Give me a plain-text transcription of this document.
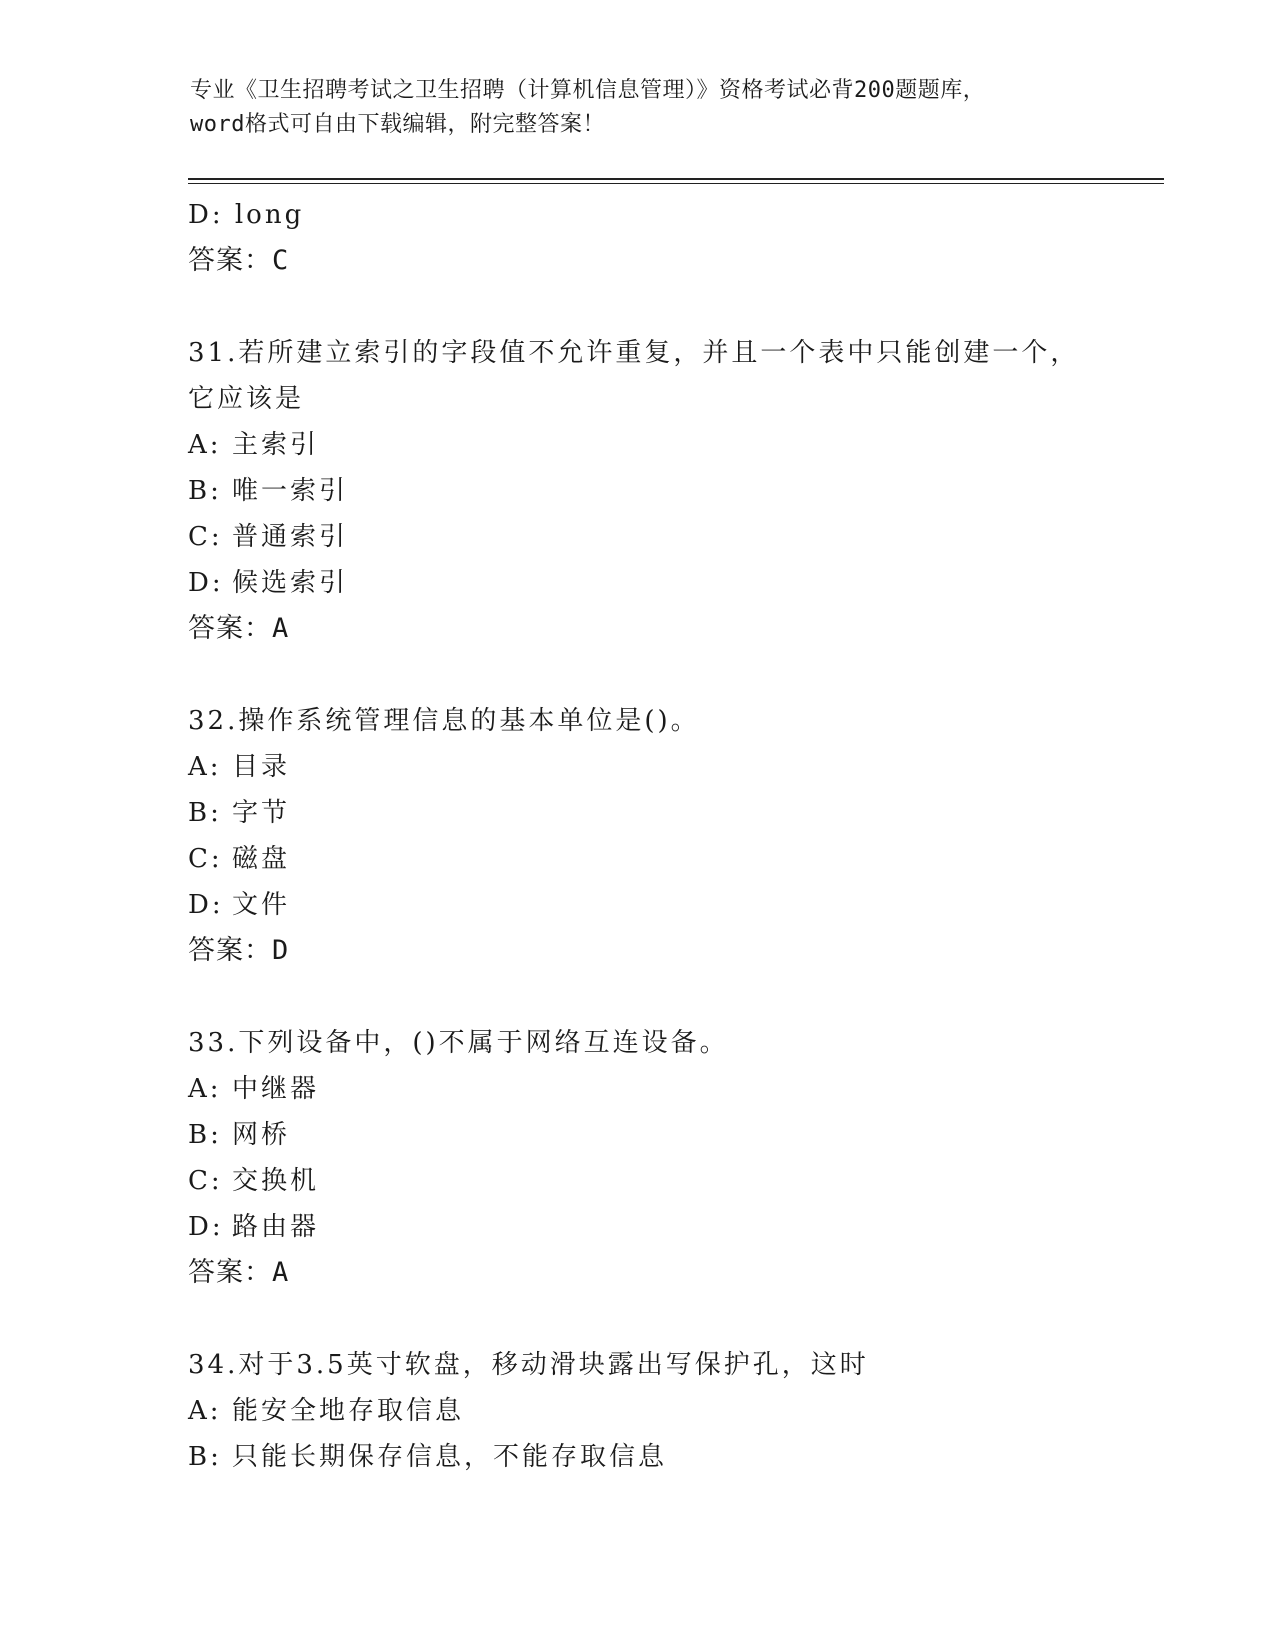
专业《卫生招聘考试之卫生招聘（计算机信息管理）》资格考试必背200题题库，
word格式可自由下载编辑，附完整答案！
D: long
答案：C
31.若所建立索引的字段值不允许重复，并且一个表中只能创建一个，
它应该是
A: 主索引
B: 唯一索引
C: 普通索引
D: 候选索引
答案：A
32.操作系统管理信息的基本单位是()。
A: 目录
B: 字节
C: 磁盘
D: 文件
答案：D
33.下列设备中，()不属于网络互连设备。
A: 中继器
B: 网桥
C: 交换机
D: 路由器
答案：A
34.对于3.5英寸软盘，移动滑块露出写保护孔，这时
A: 能安全地存取信息
B: 只能长期保存信息，不能存取信息
